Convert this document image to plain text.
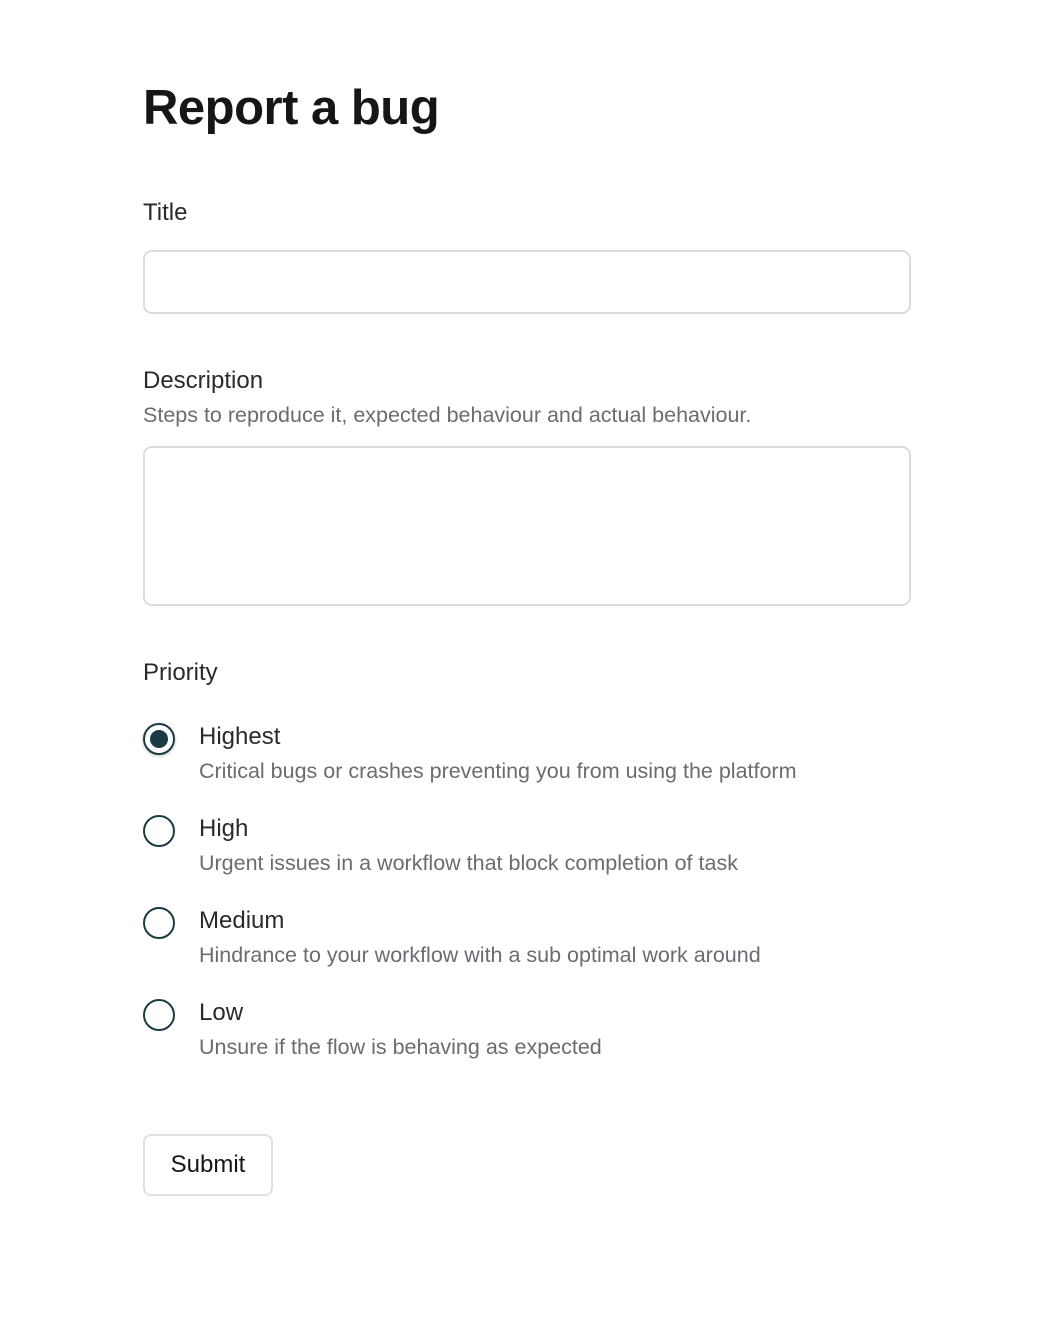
Report a bug
Title
Description
Steps to reproduce it, expected behaviour and actual behaviour.
Priority
Highest
Critical bugs or crashes preventing you from using the platform
High
Urgent issues in a workflow that block completion of task
Medium
Hindrance to your workflow with a sub optimal work around
Low
Unsure if the flow is behaving as expected
Submit
